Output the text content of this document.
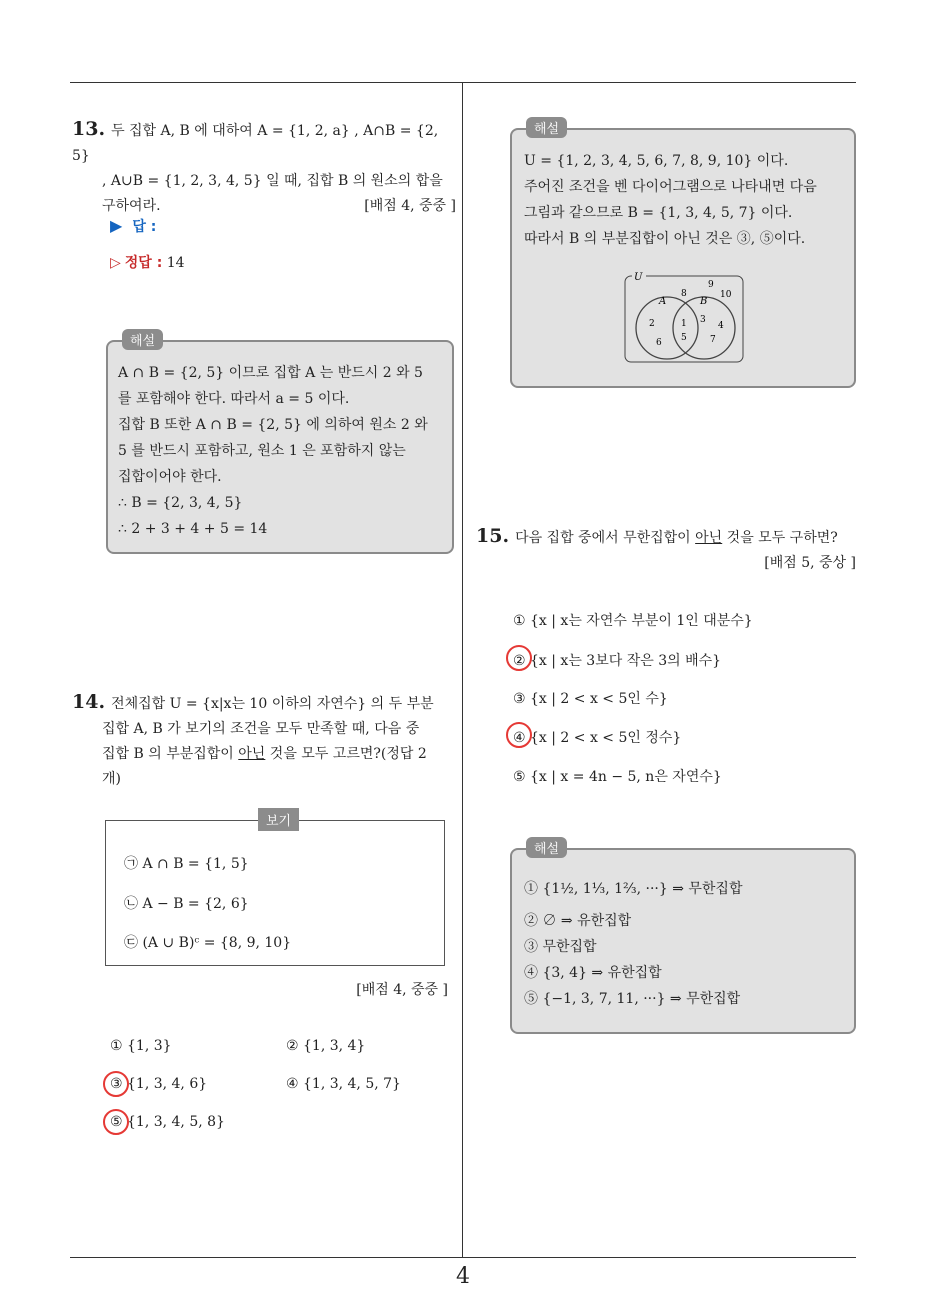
4
13. 두 집합 A, B 에 대하여 A = {1, 2, a} , A∩B = {2, 5}
, A∪B = {1, 2, 3, 4, 5} 일 때, 집합 B 의 원소의 합을
구하여라.	[배점 4, 중중 ]
▶ 답 :
▷ 정답 : 14
해설
A ∩ B = {2, 5} 이므로 집합 A 는 반드시 2 와 5
를 포함해야 한다. 따라서 a = 5 이다.
집합 B 또한 A ∩ B = {2, 5} 에 의하여 원소 2 와
5 를 반드시 포함하고, 원소 1 은 포함하지 않는
집합이어야 한다.
∴ B = {2, 3, 4, 5}
∴ 2 + 3 + 4 + 5 = 14
14. 전체집합 U = {x|x는 10 이하의 자연수} 의 두 부분
집합 A, B 가 보기의 조건을 모두 만족할 때, 다음 중
집합 B 의 부분집합이 아닌 것을 모두 고르면?(정답 2
개)
보기
㉠ A ∩ B = {1, 5}
㉡ A − B = {2, 6}
㉢ (A ∪ B)ᶜ = {8, 9, 10}
[배점 4, 중중 ]
① {1, 3}	② {1, 3, 4}
③ {1, 3, 4, 6}	④ {1, 3, 4, 5, 7}
⑤ {1, 3, 4, 5, 8}
해설
U = {1, 2, 3, 4, 5, 6, 7, 8, 9, 10} 이다.
주어진 조건을 벤 다이어그램으로 나타내면 다음
그림과 같으므로 B = {1, 3, 4, 5, 7} 이다.
따라서 B 의 부분집합이 아닌 것은 ③, ⑤이다.
U
A	B
2
6
1
5
3
4
7
8
9
10
15. 다음 집합 중에서 무한집합이 아닌 것을 모두 구하면?
[배점 5, 중상 ]
① {x | x는 자연수 부분이 1인 대분수}
② {x | x는 3보다 작은 3의 배수}
③ {x | 2 < x < 5인 수}
④ {x | 2 < x < 5인 정수}
⑤ {x | x = 4n − 5, n은 자연수}
해설
① {1½, 1⅓, 1⅔, ···} ⇒ 무한집합
② ∅ ⇒ 유한집합
③ 무한집합
④ {3, 4} ⇒ 유한집합
⑤ {−1, 3, 7, 11, ···} ⇒ 무한집합
